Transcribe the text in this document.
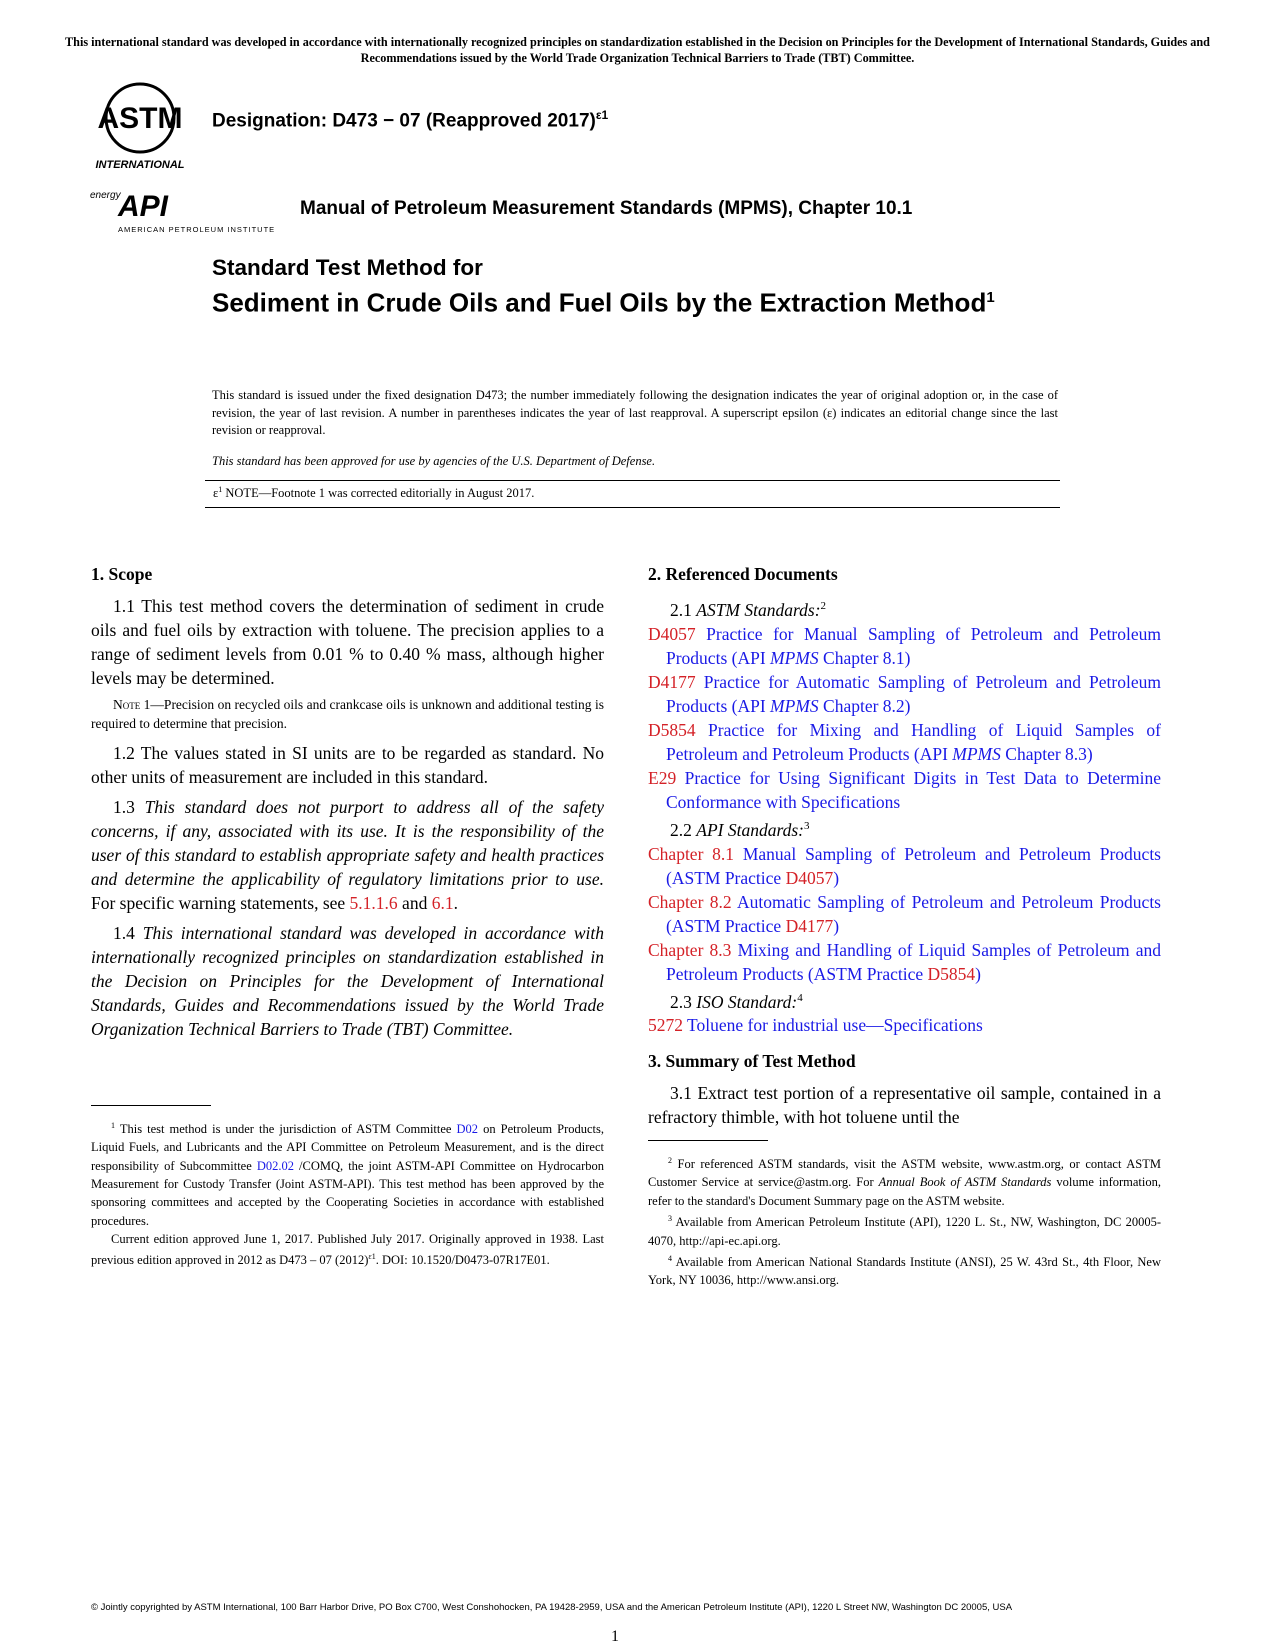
This international standard was developed in accordance with internationally recognized principles on standardization established in the Decision on Principles for the Development of International Standards, Guides and Recommendations issued by the World Trade Organization Technical Barriers to Trade (TBT) Committee.
ASTM
INTERNATIONAL
energy
API
AMERICAN PETROLEUM INSTITUTE
Designation: D473 − 07 (Reapproved 2017)$^{\varepsilon 1}$
Manual of Petroleum Measurement Standards (MPMS), Chapter 10.1
Standard Test Method for
Sediment in Crude Oils and Fuel Oils by the Extraction Method$^1$
This standard is issued under the fixed designation D473; the number immediately following the designation indicates the year of original adoption or, in the case of revision, the year of last revision. A number in parentheses indicates the year of last reapproval. A superscript epsilon (ε) indicates an editorial change since the last revision or reapproval.
This standard has been approved for use by agencies of the U.S. Department of Defense.
$\varepsilon^1$ NOTE—Footnote 1 was corrected editorially in August 2017.
1. Scope

1.1 This test method covers the determination of sediment in crude oils and fuel oils by extraction with toluene. The precision applies to a range of sediment levels from 0.01 % to 0.40 % mass, although higher levels may be determined.

Note 1—Precision on recycled oils and crankcase oils is unknown and additional testing is required to determine that precision.

1.2 The values stated in SI units are to be regarded as standard. No other units of measurement are included in this standard.

1.3 This standard does not purport to address all of the safety concerns, if any, associated with its use. It is the responsibility of the user of this standard to establish appropriate safety and health practices and determine the applicability of regulatory limitations prior to use. For specific warning statements, see 5.1.1.6 and 6.1.

1.4 This international standard was developed in accordance with internationally recognized principles on standardization established in the Decision on Principles for the Development of International Standards, Guides and Recommendations issued by the World Trade Organization Technical Barriers to Trade (TBT) Committee.

2. Referenced Documents
2.1 ASTM Standards:$^2$
D4057 Practice for Manual Sampling of Petroleum and Petroleum Products (API MPMS Chapter 8.1)
D4177 Practice for Automatic Sampling of Petroleum and Petroleum Products (API MPMS Chapter 8.2)
D5854 Practice for Mixing and Handling of Liquid Samples of Petroleum and Petroleum Products (API MPMS Chapter 8.3)
E29 Practice for Using Significant Digits in Test Data to Determine Conformance with Specifications
2.2 API Standards:$^3$
Chapter 8.1 Manual Sampling of Petroleum and Petroleum Products (ASTM Practice D4057)
Chapter 8.2 Automatic Sampling of Petroleum and Petroleum Products (ASTM Practice D4177)
Chapter 8.3 Mixing and Handling of Liquid Samples of Petroleum and Petroleum Products (ASTM Practice D5854)
2.3 ISO Standard:$^4$
5272 Toluene for industrial use—Specifications
3. Summary of Test Method

3.1 Extract test portion of a representative oil sample, contained in a refractory thimble, with hot toluene until the

$^1$ This test method is under the jurisdiction of ASTM Committee D02 on Petroleum Products, Liquid Fuels, and Lubricants and the API Committee on Petroleum Measurement, and is the direct responsibility of Subcommittee D02.02 /COMQ, the joint ASTM-API Committee on Hydrocarbon Measurement for Custody Transfer (Joint ASTM-API). This test method has been approved by the sponsoring committees and accepted by the Cooperating Societies in accordance with established procedures.

Current edition approved June 1, 2017. Published July 2017. Originally approved in 1938. Last previous edition approved in 2012 as D473 – 07 $(2012)^{\varepsilon 1}$. DOI: 10.1520/D0473-07R17E01.

$^2$ For referenced ASTM standards, visit the ASTM website, www.astm.org, or contact ASTM Customer Service at service@astm.org. For Annual Book of ASTM Standards volume information, refer to the standard's Document Summary page on the ASTM website.

$^3$ Available from American Petroleum Institute (API), 1220 L. St., NW, Washington, DC 20005-4070, http://api-ec.api.org.

$^4$ Available from American National Standards Institute (ANSI), 25 W. 43rd St., 4th Floor, New York, NY 10036, http://www.ansi.org.

© Jointly copyrighted by ASTM International, 100 Barr Harbor Drive, PO Box C700, West Conshohocken, PA 19428-2959, USA and the American Petroleum Institute (API), 1220 L Street NW, Washington DC 20005, USA
1
